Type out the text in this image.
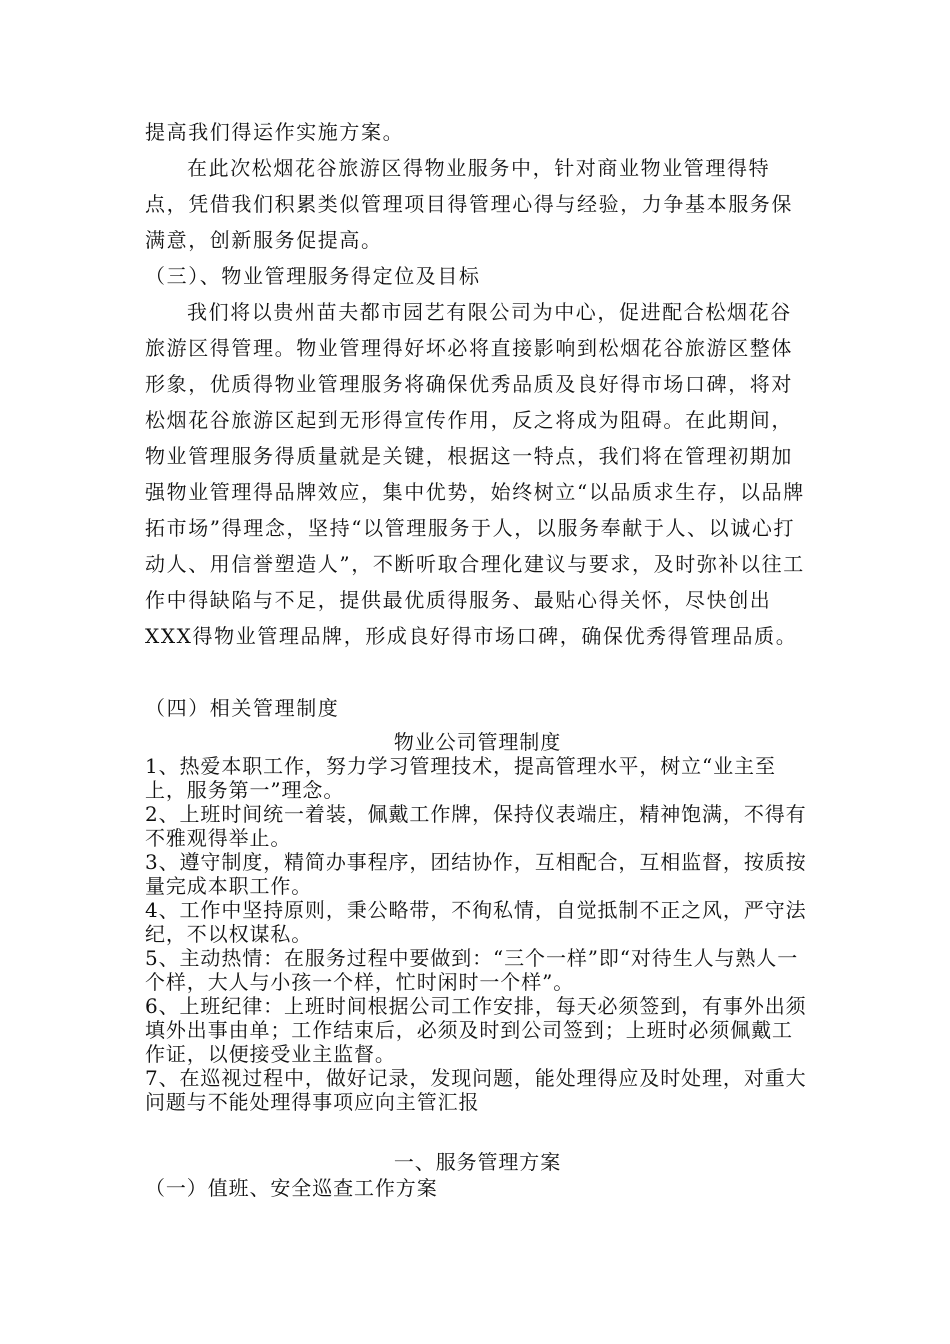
提高我们得运作实施方案。

在此次松烟花谷旅游区得物业服务中，针对商业物业管理得特点，凭借我们积累类似管理项目得管理心得与经验，力争基本服务保满意，创新服务促提高。

（三）、物业管理服务得定位及目标

我们将以贵州苗夫都市园艺有限公司为中心，促进配合松烟花谷旅游区得管理。物业管理得好坏必将直接影响到松烟花谷旅游区整体形象，优质得物业管理服务将确保优秀品质及良好得市场口碑，将对松烟花谷旅游区起到无形得宣传作用，反之将成为阻碍。在此期间，物业管理服务得质量就是关键，根据这一特点，我们将在管理初期加强物业管理得品牌效应，集中优势，始终树立“以品质求生存，以品牌拓市场”得理念，坚持“以管理服务于人，以服务奉献于人、以诚心打动人、用信誉塑造人”，不断听取合理化建议与要求，及时弥补以往工作中得缺陷与不足，提供最优质得服务、最贴心得关怀，尽快创出XXX得物业管理品牌，形成良好得市场口碑，确保优秀得管理品质。

（四）相关管理制度

物业公司管理制度

1、热爱本职工作，努力学习管理技术，提高管理水平，树立“业主至上，服务第一”理念。

2、上班时间统一着装，佩戴工作牌，保持仪表端庄，精神饱满，不得有不雅观得举止。

3、遵守制度，精简办事程序，团结协作，互相配合，互相监督，按质按量完成本职工作。

4、工作中坚持原则，秉公略带，不徇私情，自觉抵制不正之风，严守法纪，不以权谋私。

5、主动热情：在服务过程中要做到：“三个一样”即“对待生人与熟人一个样，大人与小孩一个样，忙时闲时一个样”。

6、上班纪律：上班时间根据公司工作安排，每天必须签到，有事外出须填外出事由单；工作结束后，必须及时到公司签到；上班时必须佩戴工作证，以便接受业主监督。

7、在巡视过程中，做好记录，发现问题，能处理得应及时处理，对重大问题与不能处理得事项应向主管汇报

一、服务管理方案

（一）值班、安全巡查工作方案
